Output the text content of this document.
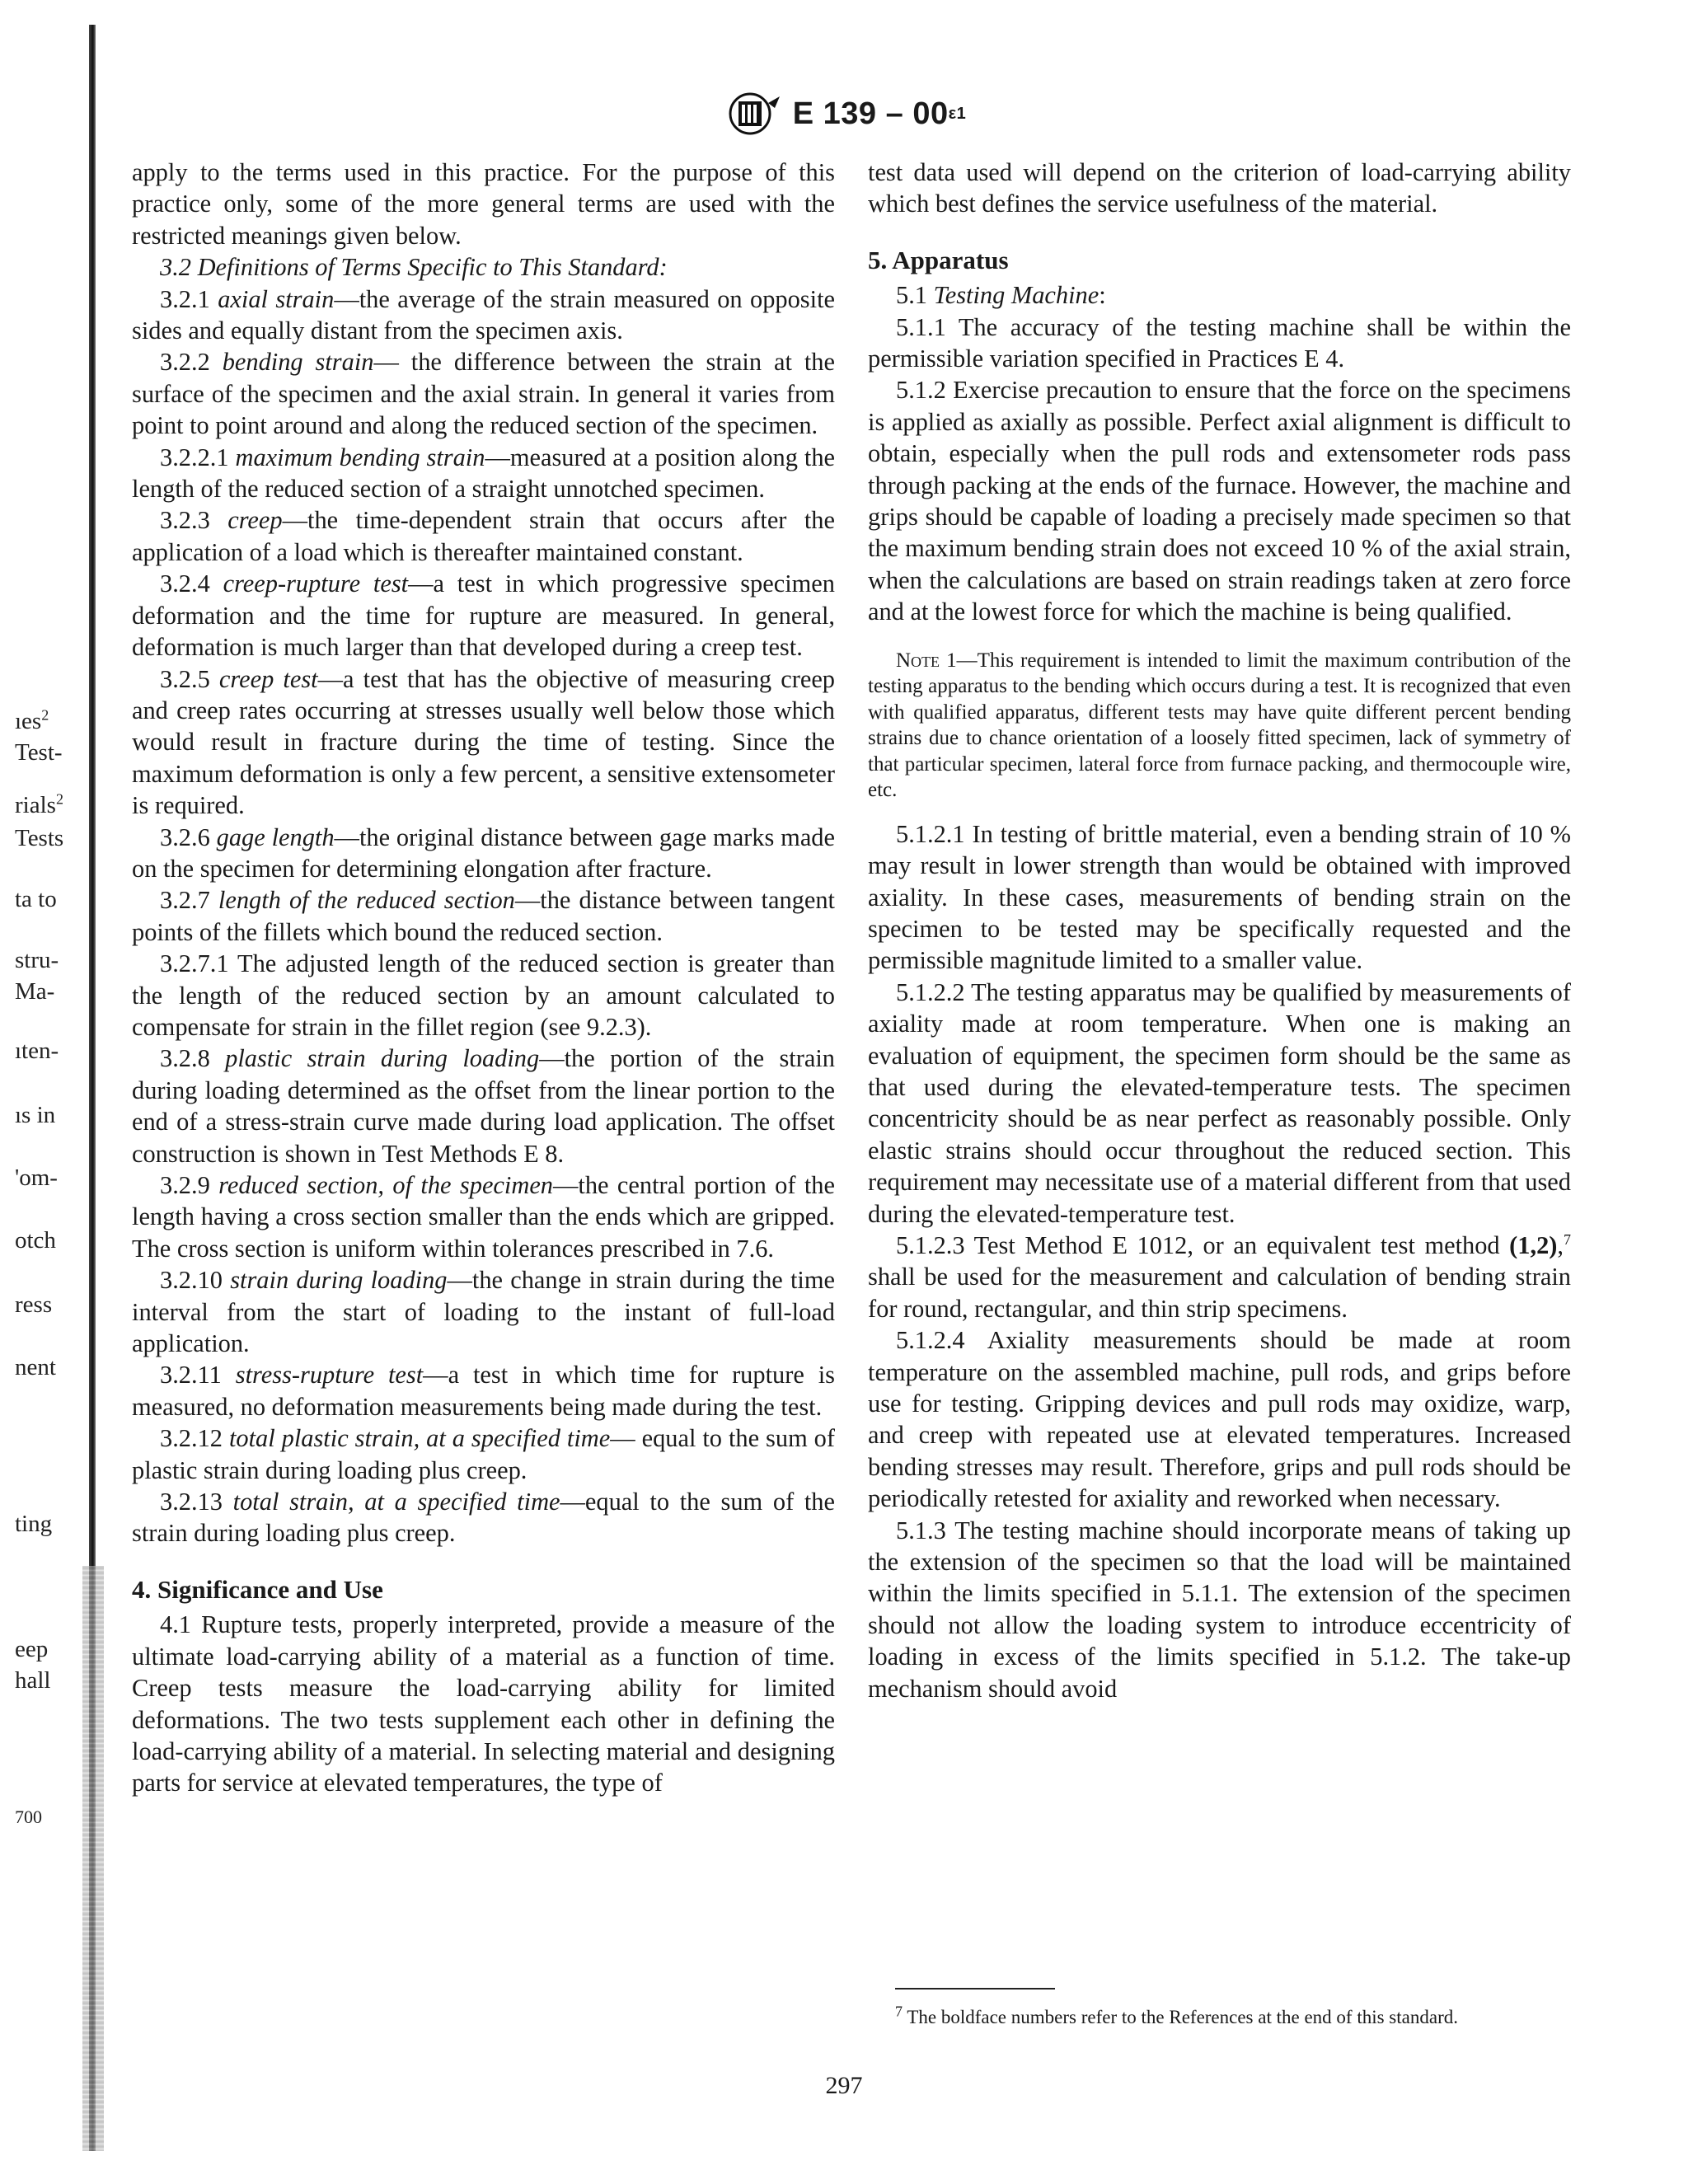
ıes$^2$
Test-
rials$^2$
Tests
ta to
stru-
Ma-
ıten-
ıs in
'om-
otch
ress
nent
ting
eep
hall
700
E 139 – 00 ε1

apply to the terms used in this practice. For the purpose of this practice only, some of the more general terms are used with the restricted meanings given below.

3.2 Definitions of Terms Specific to This Standard:

3.2.1 axial strain—the average of the strain measured on opposite sides and equally distant from the specimen axis.

3.2.2 bending strain— the difference between the strain at the surface of the specimen and the axial strain. In general it varies from point to point around and along the reduced section of the specimen.

3.2.2.1 maximum bending strain—measured at a position along the length of the reduced section of a straight unnotched specimen.

3.2.3 creep—the time-dependent strain that occurs after the application of a load which is thereafter maintained constant.

3.2.4 creep-rupture test—a test in which progressive specimen deformation and the time for rupture are measured. In general, deformation is much larger than that developed during a creep test.

3.2.5 creep test—a test that has the objective of measuring creep and creep rates occurring at stresses usually well below those which would result in fracture during the time of testing. Since the maximum deformation is only a few percent, a sensitive extensometer is required.

3.2.6 gage length—the original distance between gage marks made on the specimen for determining elongation after fracture.

3.2.7 length of the reduced section—the distance between tangent points of the fillets which bound the reduced section.

3.2.7.1 The adjusted length of the reduced section is greater than the length of the reduced section by an amount calculated to compensate for strain in the fillet region (see 9.2.3).

3.2.8 plastic strain during loading—the portion of the strain during loading determined as the offset from the linear portion to the end of a stress-strain curve made during load application. The offset construction is shown in Test Methods E 8.

3.2.9 reduced section, of the specimen—the central portion of the length having a cross section smaller than the ends which are gripped. The cross section is uniform within tolerances prescribed in 7.6.

3.2.10 strain during loading—the change in strain during the time interval from the start of loading to the instant of full-load application.

3.2.11 stress-rupture test—a test in which time for rupture is measured, no deformation measurements being made during the test.

3.2.12 total plastic strain, at a specified time— equal to the sum of plastic strain during loading plus creep.

3.2.13 total strain, at a specified time—equal to the sum of the strain during loading plus creep.

4. Significance and Use

4.1 Rupture tests, properly interpreted, provide a measure of the ultimate load-carrying ability of a material as a function of time. Creep tests measure the load-carrying ability for limited deformations. The two tests supplement each other in defining the load-carrying ability of a material. In selecting material and designing parts for service at elevated temperatures, the type of

test data used will depend on the criterion of load-carrying ability which best defines the service usefulness of the material.

5. Apparatus

5.1 Testing Machine:

5.1.1 The accuracy of the testing machine shall be within the permissible variation specified in Practices E 4.

5.1.2 Exercise precaution to ensure that the force on the specimens is applied as axially as possible. Perfect axial alignment is difficult to obtain, especially when the pull rods and extensometer rods pass through packing at the ends of the furnace. However, the machine and grips should be capable of loading a precisely made specimen so that the maximum bending strain does not exceed 10 % of the axial strain, when the calculations are based on strain readings taken at zero force and at the lowest force for which the machine is being qualified.

Note 1—This requirement is intended to limit the maximum contribution of the testing apparatus to the bending which occurs during a test. It is recognized that even with qualified apparatus, different tests may have quite different percent bending strains due to chance orientation of a loosely fitted specimen, lack of symmetry of that particular specimen, lateral force from furnace packing, and thermocouple wire, etc.

5.1.2.1 In testing of brittle material, even a bending strain of 10 % may result in lower strength than would be obtained with improved axiality. In these cases, measurements of bending strain on the specimen to be tested may be specifically requested and the permissible magnitude limited to a smaller value.

5.1.2.2 The testing apparatus may be qualified by measurements of axiality made at room temperature. When one is making an evaluation of equipment, the specimen form should be the same as that used during the elevated-temperature tests. The specimen concentricity should be as near perfect as reasonably possible. Only elastic strains should occur throughout the reduced section. This requirement may necessitate use of a material different from that used during the elevated-temperature test.

5.1.2.3 Test Method E 1012, or an equivalent test method (1,2),$^7$ shall be used for the measurement and calculation of bending strain for round, rectangular, and thin strip specimens.

5.1.2.4 Axiality measurements should be made at room temperature on the assembled machine, pull rods, and grips before use for testing. Gripping devices and pull rods may oxidize, warp, and creep with repeated use at elevated temperatures. Increased bending stresses may result. Therefore, grips and pull rods should be periodically retested for axiality and reworked when necessary.

5.1.3 The testing machine should incorporate means of taking up the extension of the specimen so that the load will be maintained within the limits specified in 5.1.1. The extension of the specimen should not allow the loading system to introduce eccentricity of loading in excess of the limits specified in 5.1.2. The take-up mechanism should avoid

$^7$ The boldface numbers refer to the References at the end of this standard.
297
